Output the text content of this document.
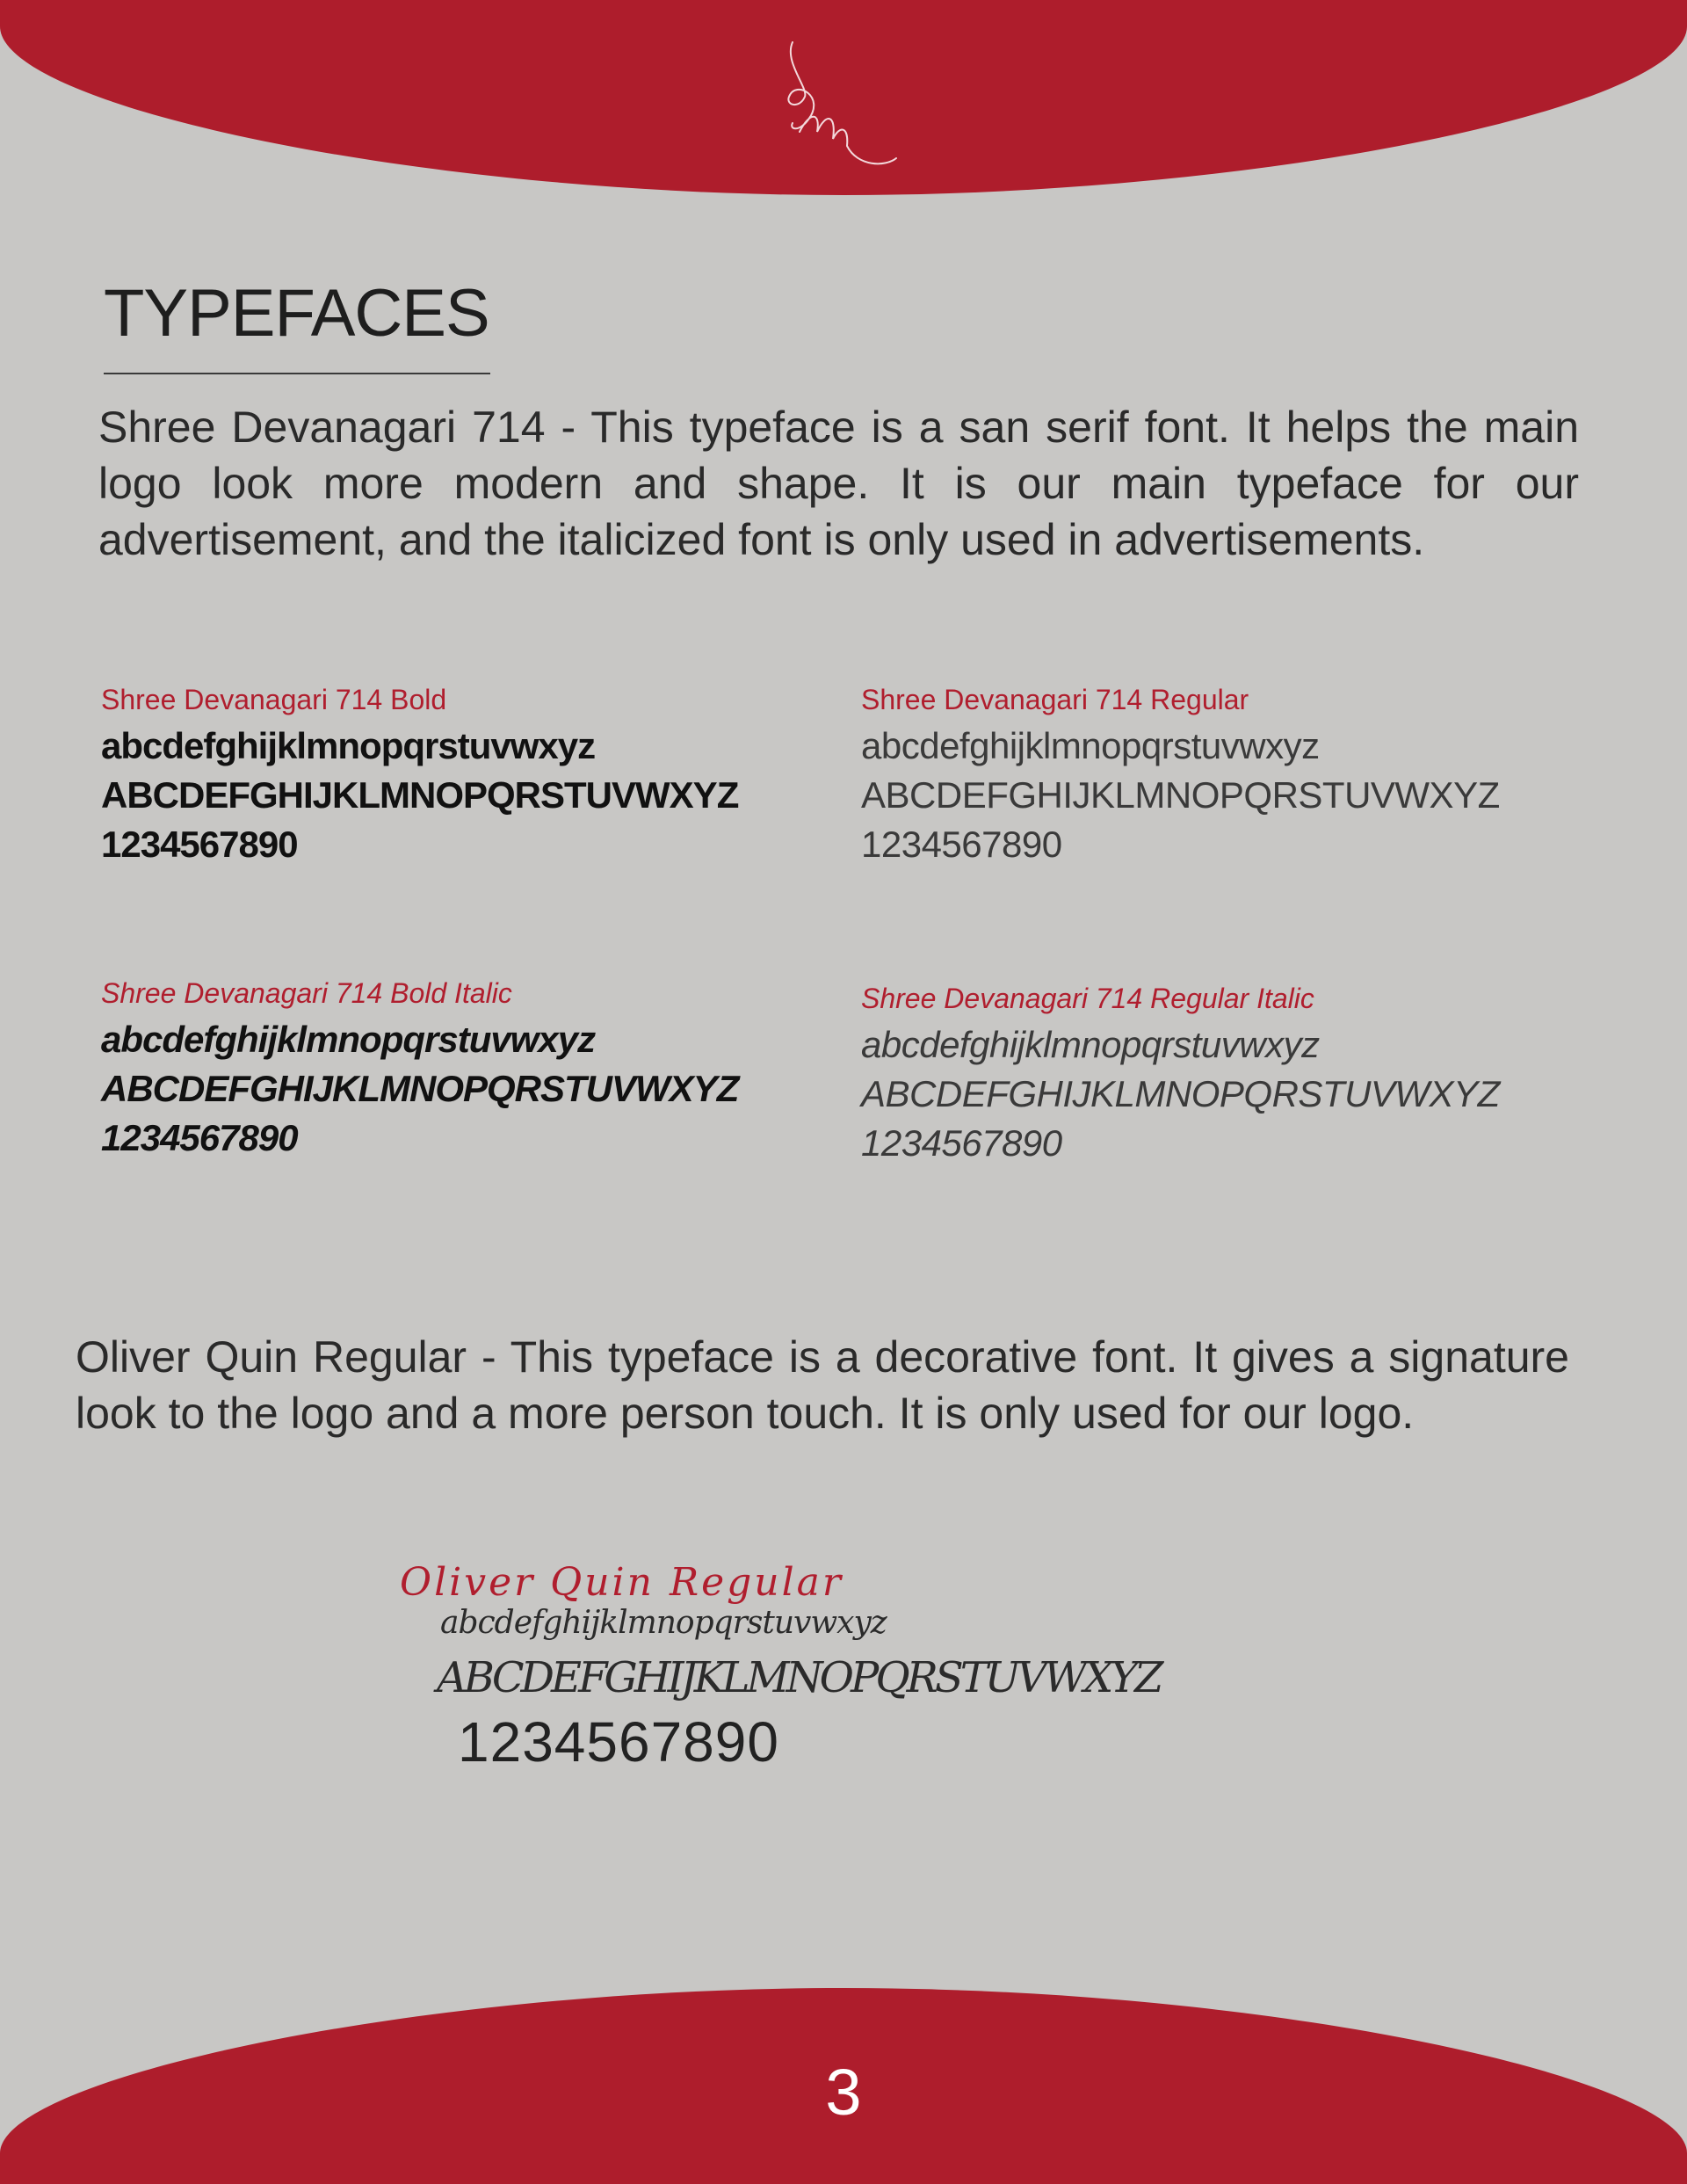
TYPEFACES

Shree Devanagari 714 - This typeface is a san serif font. It helps the main logo look more modern and shape. It is our main typeface for our advertisement, and the italicized font is only used in advertisements.

Shree Devanagari 714 Bold

abcdefghijklmnopqrstuvwxyz

ABCDEFGHIJKLMNOPQRSTUVWXYZ

1234567890

Shree Devanagari 714 Regular

abcdefghijklmnopqrstuvwxyz

ABCDEFGHIJKLMNOPQRSTUVWXYZ

1234567890

Shree Devanagari 714 Bold Italic

abcdefghijklmnopqrstuvwxyz

ABCDEFGHIJKLMNOPQRSTUVWXYZ

1234567890

Shree Devanagari 714 Regular Italic

abcdefghijklmnopqrstuvwxyz

ABCDEFGHIJKLMNOPQRSTUVWXYZ

1234567890

Oliver Quin Regular - This typeface is a decorative font. It gives a signature look to the logo and a more person touch. It is only used for our logo.

Oliver Quin Regular

abcdefghijklmnopqrstuvwxyz

ABCDEFGHIJKLMNOPQRSTUVWXYZ

1234567890

3
